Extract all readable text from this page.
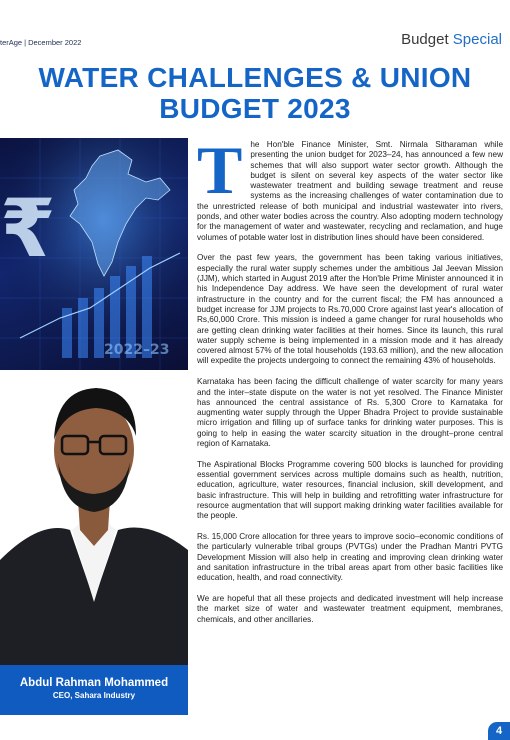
terAge | December 2022	Budget Special
WATER CHALLENGES & UNION
BUDGET 2023
₹
2022–23
Abdul Rahman Mohammed
CEO, Sahara Industry

The Hon'ble Finance Minister, Smt. Nirmala Sitharaman while presenting the union budget for 2023–24, has announced a few new schemes that will also support water sector growth. Although the budget is silent on several key aspects of the water sector like wastewater treatment and building sewage treatment and reuse systems as the increasing challenges of water contamination due to the unrestricted release of both municipal and industrial wastewater into rivers, ponds, and other water bodies across the country. Also adopting modern technology for the management of water and wastewater, recycling and reclamation, and huge volumes of potable water lost in distribution lines should have been considered.

Over the past few years, the government has been taking various initiatives, especially the rural water supply schemes under the ambitious Jal Jeevan Mission (JJM), which started in August 2019 after the Hon'ble Prime Minister announced it in his Independence Day address. We have seen the development of rural water infrastructure in the country and for the current fiscal; the FM has announced a budget increase for JJM projects to Rs.70,000 Crore against last year's allocation of Rs,60,000 Crore. This mission is indeed a game changer for rural households who are getting clean drinking water facilities at their homes. Since its launch, this rural water supply scheme is being implemented in a mission mode and it has already covered almost 57% of the total households (193.63 million), and the new allocation will expedite the projects undergoing to connect the remaining 43% of households.

Karnataka has been facing the difficult challenge of water scarcity for many years and the inter–state dispute on the water is not yet resolved. The Finance Minister has announced the central assistance of Rs. 5,300 Crore to Karnataka for augmenting water supply through the Upper Bhadra Project to provide sustainable micro irrigation and filling up of surface tanks for drinking water purposes. This is going to help in easing the water scarcity situation in the drought–prone central region of Karnataka.

The Aspirational Blocks Programme covering 500 blocks is launched for providing essential government services across multiple domains such as health, nutrition, education, agriculture, water resources, financial inclusion, skill development, and basic infrastructure. This will help in building and retrofitting water infrastructure for resource augmentation that will support making drinking water facilities available for the people.

Rs. 15,000 Crore allocation for three years to improve socio–economic conditions of the particularly vulnerable tribal groups (PVTGs) under the Pradhan Mantri PVTG Development Mission will also help in creating and improving clean drinking water and sanitation infrastructure in the tribal areas apart from other basic facilities like education, health, and road connectivity.

We are hopeful that all these projects and dedicated investment will help increase the market size of water and wastewater treatment equipment, membranes, chemicals, and other ancillaries.

4
